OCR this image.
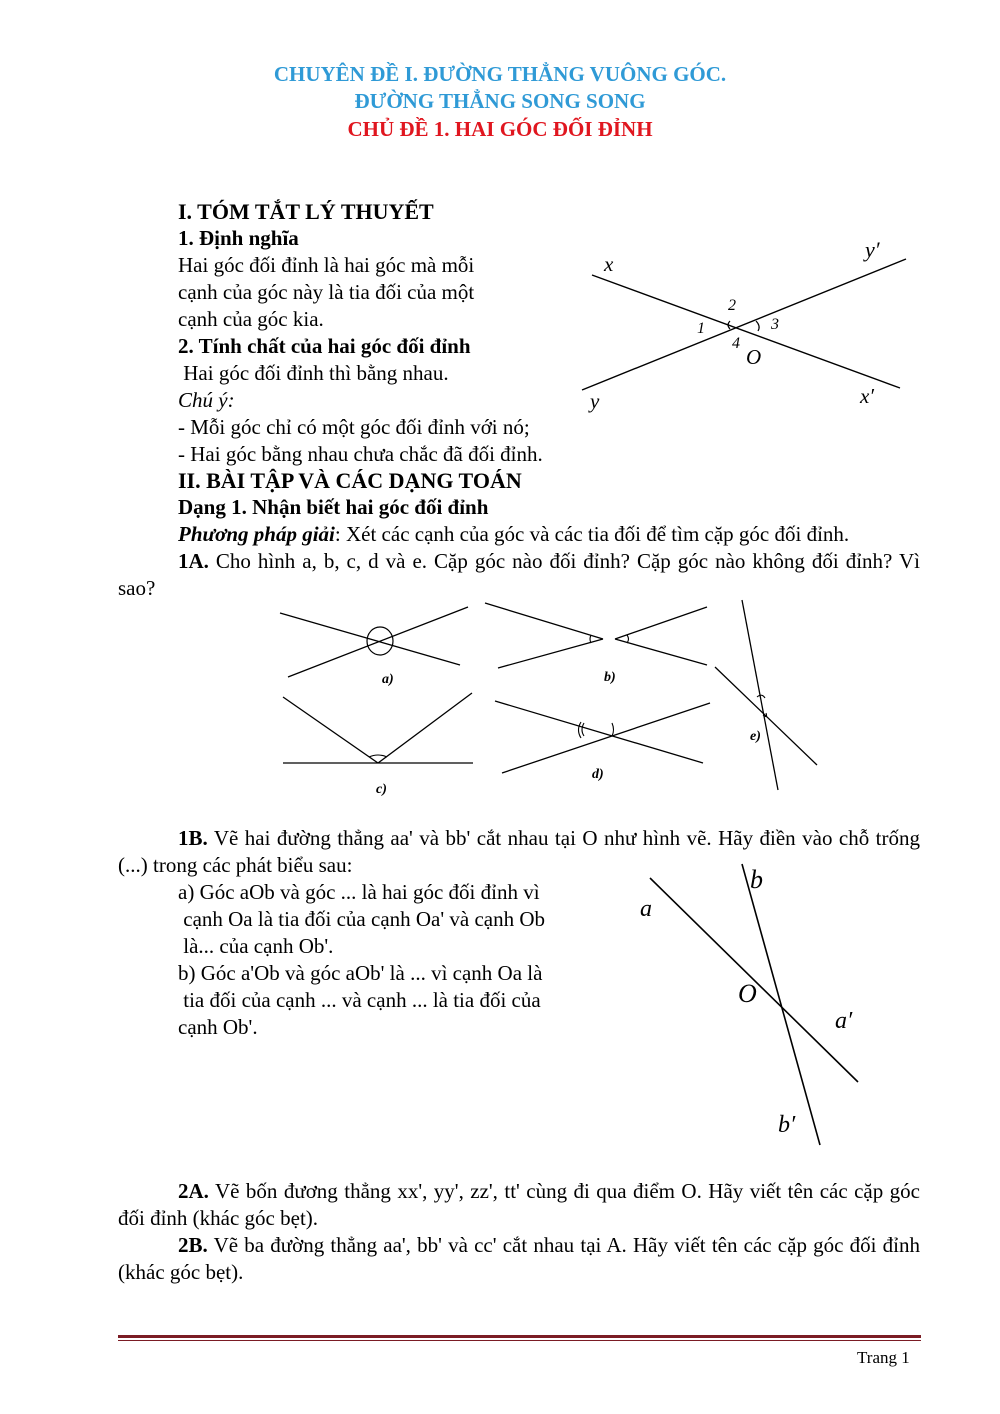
CHUYÊN ĐỀ I. ĐƯỜNG THẲNG VUÔNG GÓC.
ĐƯỜNG THẲNG SONG SONG
CHỦ ĐỀ 1. HAI GÓC ĐỐI ĐỈNH
I. TÓM TẮT LÝ THUYẾT
1. Định nghĩa
Hai góc đối đỉnh là hai góc mà mỗi
cạnh của góc này là tia đối của một
cạnh của góc kia.
2. Tính chất của hai góc đối đỉnh
Hai góc đối đỉnh thì bằng nhau.
Chú ý:
- Mỗi góc chỉ có một góc đối đỉnh với nó;
- Hai góc bằng nhau chưa chắc đã đối đỉnh.
x
y′
y	x′
2
1	3
4
O
II. BÀI TẬP VÀ CÁC DẠNG TOÁN
Dạng 1. Nhận biết hai góc đối đỉnh
Phương pháp giải: Xét các cạnh của góc và các tia đối để tìm cặp góc đối đỉnh.
1A. Cho hình a, b, c, d và e. Cặp góc nào đối đỉnh? Cặp góc nào không đối đỉnh? Vì sao?
a)	b)
c)
d)
e)
1B. Vẽ hai đường thẳng aa' và bb' cắt nhau tại O như hình vẽ. Hãy điền vào chỗ trống (...) trong các phát biểu sau:
a) Góc aOb và góc ... là hai góc đối đỉnh vì
cạnh Oa là tia đối của cạnh Oa' và cạnh Ob
là... của cạnh Ob'.
b) Góc a'Ob và góc aOb' là ... vì cạnh Oa là
tia đối của cạnh ... và cạnh ... là tia đối của
cạnh Ob'.
a
b
O
a′
b′
2A. Vẽ bốn đương thẳng xx', yy', zz', tt' cùng đi qua điểm O. Hãy viết tên các cặp góc đối đỉnh (khác góc bẹt).
2B. Vẽ ba đường thẳng aa', bb' và cc' cắt nhau tại A. Hãy viết tên các cặp góc đối đỉnh (khác góc bẹt).
Trang 1
